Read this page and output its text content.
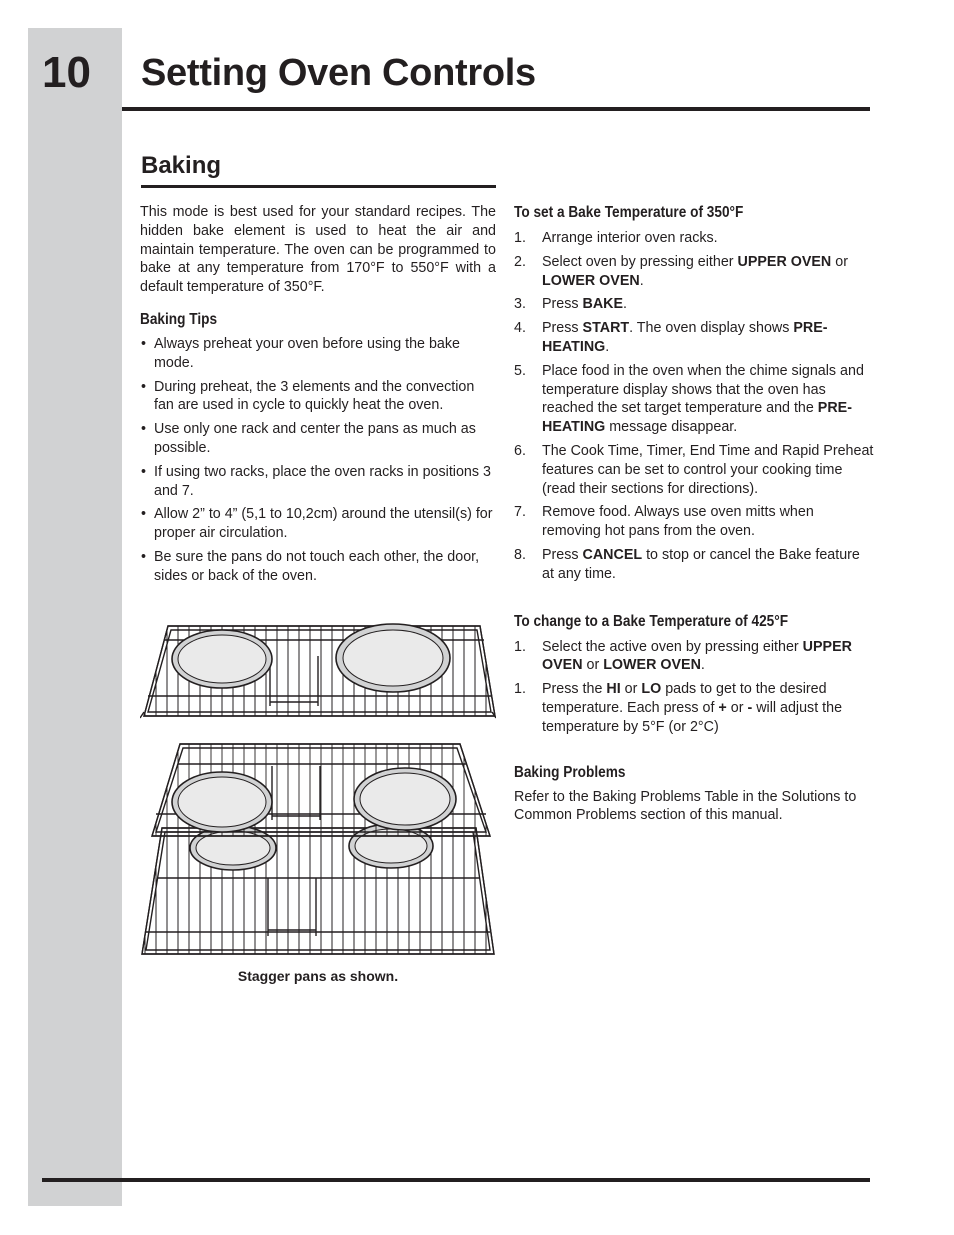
10 Setting Oven Controls
Baking

This mode is best used for your standard recipes. The hidden bake element is used to heat the air and maintain temperature. The oven can be programmed to bake at any temperature from 170°F to 550°F with a default temperature of 350°F.

Baking Tips
• Always preheat your oven before using the bake mode.
• During preheat, the 3 elements and the convection fan are used in cycle to quickly heat the oven.
• Use only one rack and center the pans as much as possible.
• If using two racks, place the oven racks in positions 3 and 7.
• Allow 2” to 4” (5,1 to 10,2cm) around the utensil(s) for proper air circulation.
• Be sure the pans do not touch each other, the door, sides or back of the oven.
Stagger pans as shown.
To set a Bake Temperature of 350°F
1. Arrange interior oven racks.
2. Select oven by pressing either UPPER OVEN or LOWER OVEN.
3. Press BAKE.
4. Press START. The oven display shows PRE-HEATING.
5. Place food in the oven when the chime signals and temperature display shows that the oven has reached the set target temperature and the PRE-HEATING message disappear.
6. The Cook Time, Timer, End Time and Rapid Preheat features can be set to control your cooking time (read their sections for directions).
7. Remove food. Always use oven mitts when removing hot pans from the oven.
8. Press CANCEL to stop or cancel the Bake feature at any time.
To change to a Bake Temperature of 425°F
1. Select the active oven by pressing either UPPER OVEN or LOWER OVEN.
1. Press the HI or LO pads to get to the desired temperature. Each press of + or - will adjust the temperature by 5°F (or 2°C)
Baking Problems

Refer to the Baking Problems Table in the Solutions to Common Problems section of this manual.
